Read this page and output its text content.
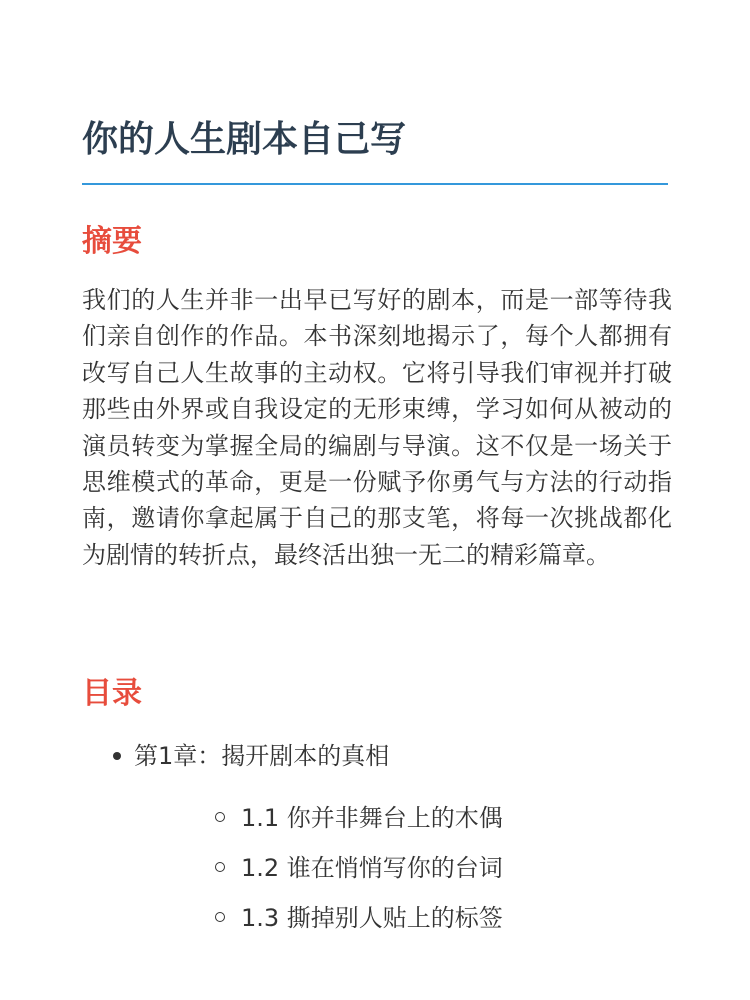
你的人生剧本自己写
摘要

我们的人生并非一出早已写好的剧本，而是一部等待我们亲自创作的作品。本书深刻地揭示了，每个人都拥有改写自己人生故事的主动权。它将引导我们审视并打破那些由外界或自我设定的无形束缚，学习如何从被动的演员转变为掌握全局的编剧与导演。这不仅是一场关于思维模式的革命，更是一份赋予你勇气与方法的行动指南，邀请你拿起属于自己的那支笔，将每一次挑战都化为剧情的转折点，最终活出独一无二的精彩篇章。

目录
第1章：揭开剧本的真相
1.1 你并非舞台上的木偶
1.2 谁在悄悄写你的台词
1.3 撕掉别人贴上的标签
